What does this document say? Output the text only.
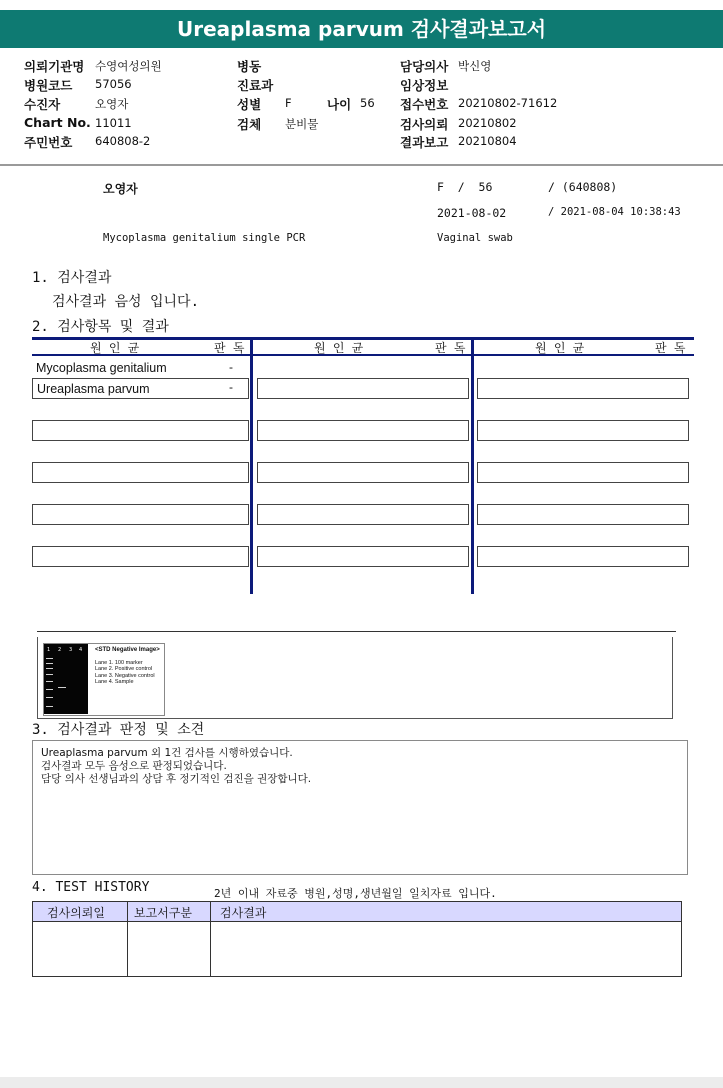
Ureaplasma parvum 검사결과보고서
의뢰기관명 수영여성의원
병원코드 57056
수진자	오영자
Chart No. 11011
주민번호 640808-2
병동
진료과
성별 F	나이 56
검체 분비물
담당의사 박신영
임상정보
접수번호 20210802-71612
검사의뢰 20210802
결과보고 20210804
오영자	F  /  56	/ (640808)
2021-08-02	/ 2021-08-04 10:38:43
Mycoplasma genitalium single PCR	Vaginal swab
1. 검사결과
검사결과 음성 입니다.
2. 검사항목 및 결과
원 인 균	판 독	원 인 균	판 독	원 인 균	판 독
Mycoplasma genitalium	-
Ureaplasma parvum	-
1 2 3 4 <STD Negative Image>

Lane 1. 100 marker
Lane 2. Positive control
Lane 3. Negative control
Lane 4. Sample
3. 검사결과 판정 및 소견
Ureaplasma parvum 외 1건 검사를 시행하였습니다.
검사결과 모두 음성으로 판정되었습니다.
담당 의사 선생님과의 상담 후 정기적인 검진을 권장합니다.
4. TEST HISTORY	2년 이내 자료중 병원,성명,생년월일 일치자료 입니다.
검사의뢰일 보고서구분 검사결과
